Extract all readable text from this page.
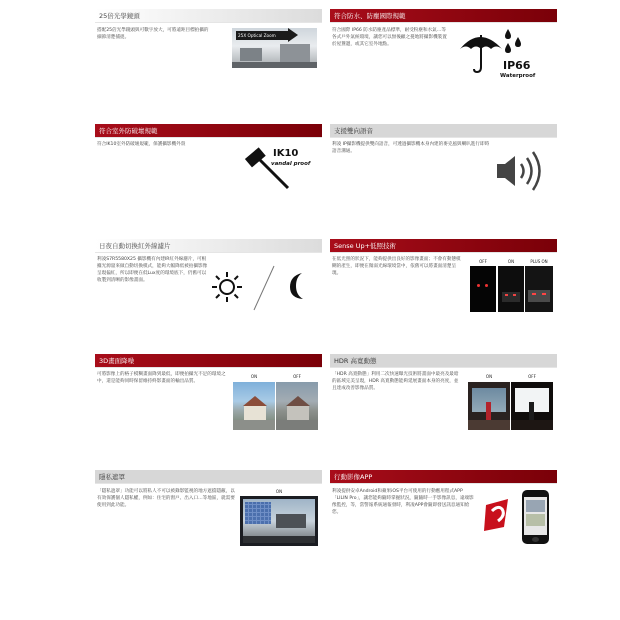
25倍光學鏡頭
搭配25倍光學鏡頭與可數字放大，可將遠距目標拍攝的細節清楚捕捉。	25X Optical Zoom
符合防水、防塵國際規範
符合國際 IP66 防水防塵產品標準，耐受粉塵和水氣…等各式戶外氣候環境，讓您可以無後顧之憂地將攝影機裝置於屋簷邊，或其它室外地點。
IP66
Waterproof
符合室外防破壞規範
符合IK10室外防破壞規範，保護攝影機外殼
IK10
vandal proof
支援雙向語音
利凌 IP攝影機提供雙向語音，可透過攝影機本身內建的麥克風與喇叭進行即時語音溝通。
日夜自動切換紅外線濾片
利凌S7R5580X25 攝影機有內建IR紅外線濾片，可根據光源量來做自動切換模式，能夠大幅降低被拍攝影像呈現偏紅，所以即便在低Lux度的環境底下，仍舊可以收製到清晰的影像畫面。
Sense Up+低照技術
在低光照的狀況下，能夠提供出良好的影像畫面；不會有動態模糊的產生，即便在微弱光線環境當中，依舊可以將畫面清楚呈現。
OFF	ON	PLUS ON
3D畫面降噪
可將影像上的格子模糊畫面降到最低，即便拍攝光不足的環境之中，還是能夠同時保留維持終影畫面的輸出品質。
ON	OFF
HDR 高寬動態
「HDR 高寬動態」利用二次快速曝光技術將畫面中最亮及最暗的區域完美呈現，HDR 高寬動態能夠延展畫面本身的亮度，並且達成改善影像品質。
ON	OFF
隱私遮罩
「隱私遮罩」功能可以將私人不可以被錄影監視的地方遮擋隱蔽，以有效保護個人隱私權，例如：住宅的窗戶、出入口…等地區，就需要使用到此功能。
ON
行動影像APP
利凌提供安卓Android和蘋果iOS平台可使用的行動應用程式APP「LILIN Pro」，讓您能夠隨時掌握狀況，隨隨時一手影像訊息，遠端影像監控，等，當警報系統通報發時，利凌APP會隨即發送訊息通知給您。
